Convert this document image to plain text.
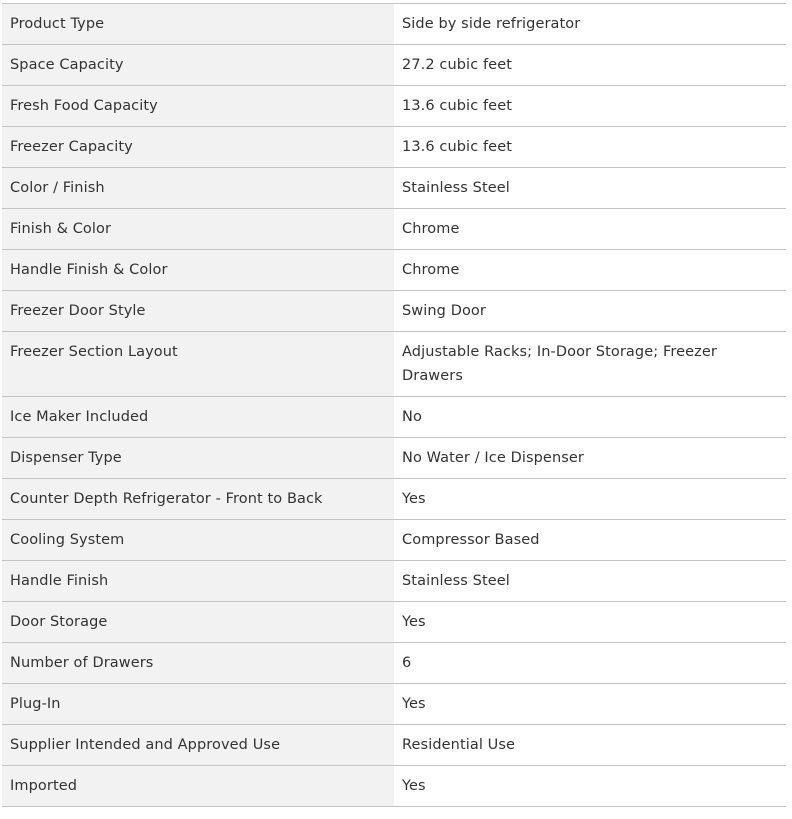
Product Type	Side by side refrigerator
Space Capacity	27.2 cubic feet
Fresh Food Capacity	13.6 cubic feet
Freezer Capacity	13.6 cubic feet
Color / Finish	Stainless Steel
Finish & Color	Chrome
Handle Finish & Color	Chrome
Freezer Door Style	Swing Door
Freezer Section Layout	Adjustable Racks; In-Door Storage; Freezer Drawers
Ice Maker Included	No
Dispenser Type	No Water / Ice Dispenser
Counter Depth Refrigerator - Front to Back	Yes
Cooling System	Compressor Based
Handle Finish	Stainless Steel
Door Storage	Yes
Number of Drawers	6
Plug-In	Yes
Supplier Intended and Approved Use	Residential Use
Imported	Yes
